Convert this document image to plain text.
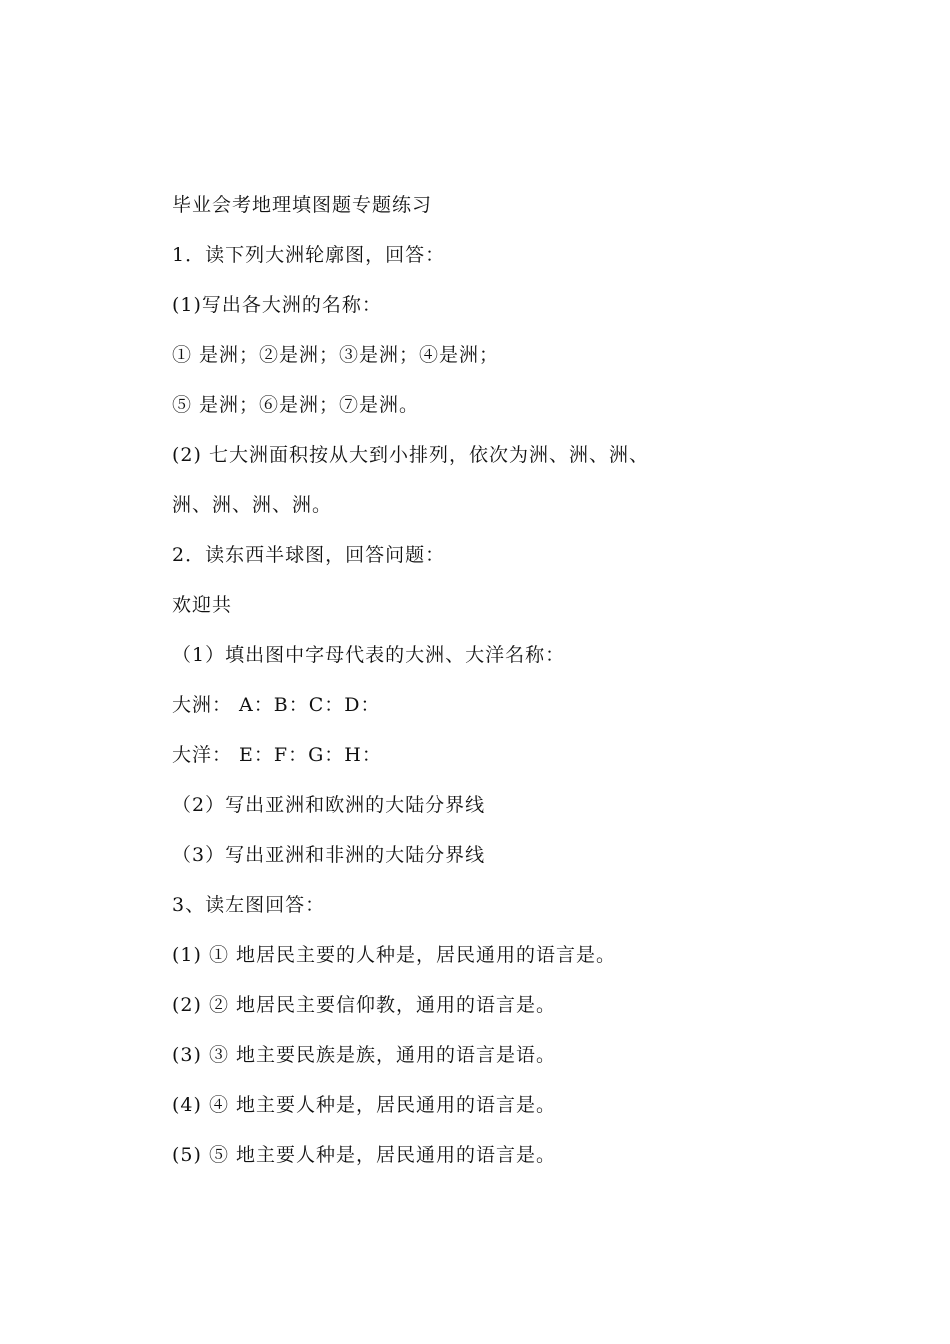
毕业会考地理填图题专题练习
1．读下列大洲轮廓图，回答：
(1)写出各大洲的名称：
① 是洲；②是洲；③是洲；④是洲；
⑤ 是洲；⑥是洲；⑦是洲。
(2) 七大洲面积按从大到小排列，依次为洲、洲、洲、
洲、洲、洲、洲。
2．读东西半球图，回答问题：
欢迎共
（1）填出图中字母代表的大洲、大洋名称：
大洲： A：B：C：D：
大洋： E：F：G：H：
（2）写出亚洲和欧洲的大陆分界线
（3）写出亚洲和非洲的大陆分界线
3、读左图回答：
(1) ① 地居民主要的人种是，居民通用的语言是。
(2) ② 地居民主要信仰教，通用的语言是。
(3) ③ 地主要民族是族，通用的语言是语。
(4) ④ 地主要人种是，居民通用的语言是。
(5) ⑤ 地主要人种是，居民通用的语言是。
